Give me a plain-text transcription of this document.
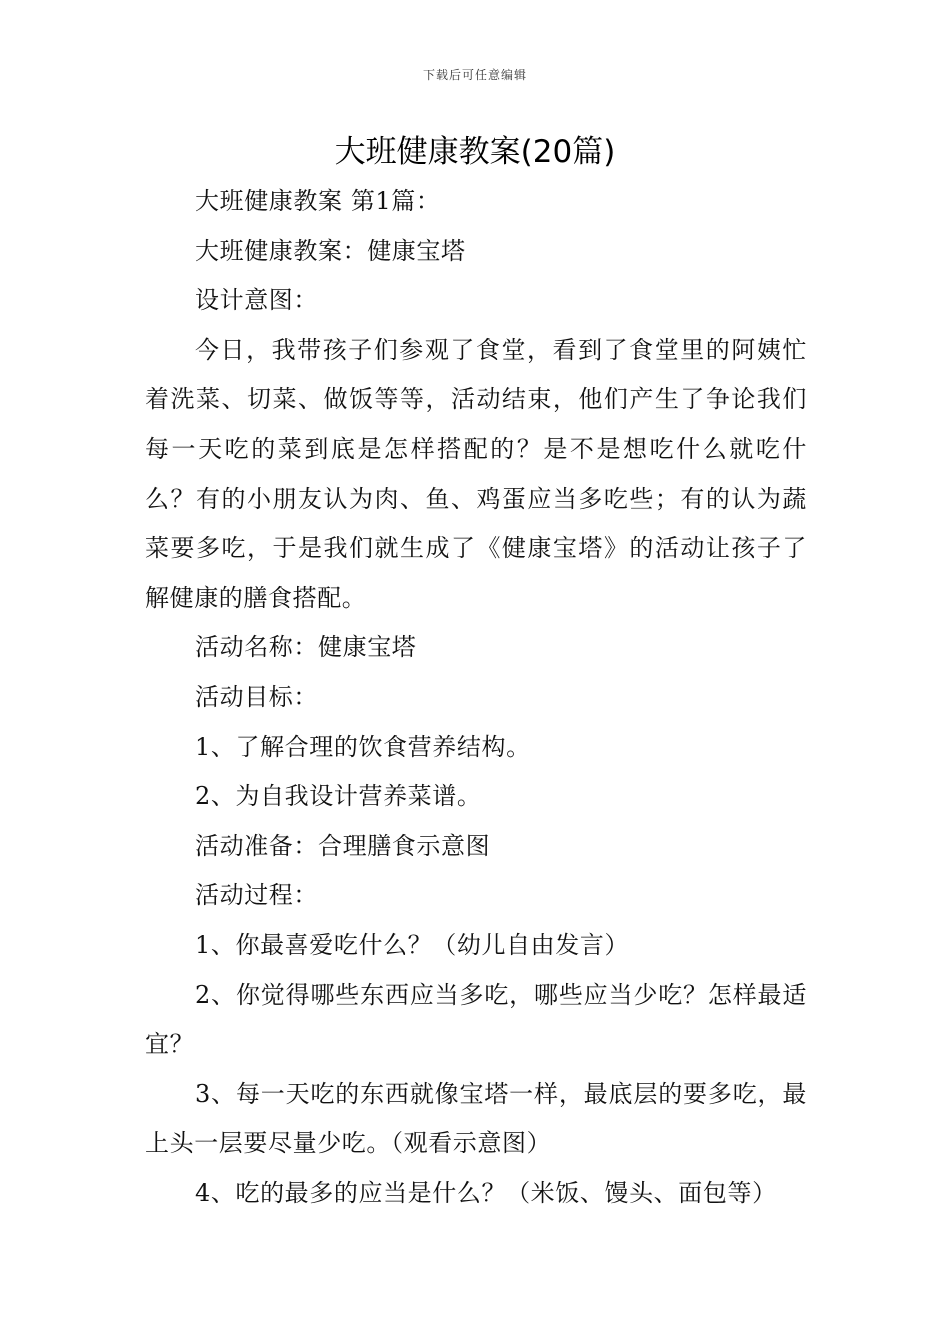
下载后可任意编辑
大班健康教案(20篇)

大班健康教案 第1篇：

大班健康教案：健康宝塔

设计意图：

今日，我带孩子们参观了食堂，看到了食堂里的阿姨忙着洗菜、切菜、做饭等等，活动结束，他们产生了争论我们每一天吃的菜到底是怎样搭配的？是不是想吃什么就吃什么？有的小朋友认为肉、鱼、鸡蛋应当多吃些；有的认为蔬菜要多吃，于是我们就生成了《健康宝塔》的活动让孩子了解健康的膳食搭配。

活动名称：健康宝塔

活动目标：

1、了解合理的饮食营养结构。

2、为自我设计营养菜谱。

活动准备：合理膳食示意图

活动过程：

1、你最喜爱吃什么？（幼儿自由发言）

2、你觉得哪些东西应当多吃，哪些应当少吃？怎样最适宜？

3、每一天吃的东西就像宝塔一样，最底层的要多吃，最上头一层要尽量少吃。（观看示意图）

4、吃的最多的应当是什么？（米饭、馒头、面包等）
